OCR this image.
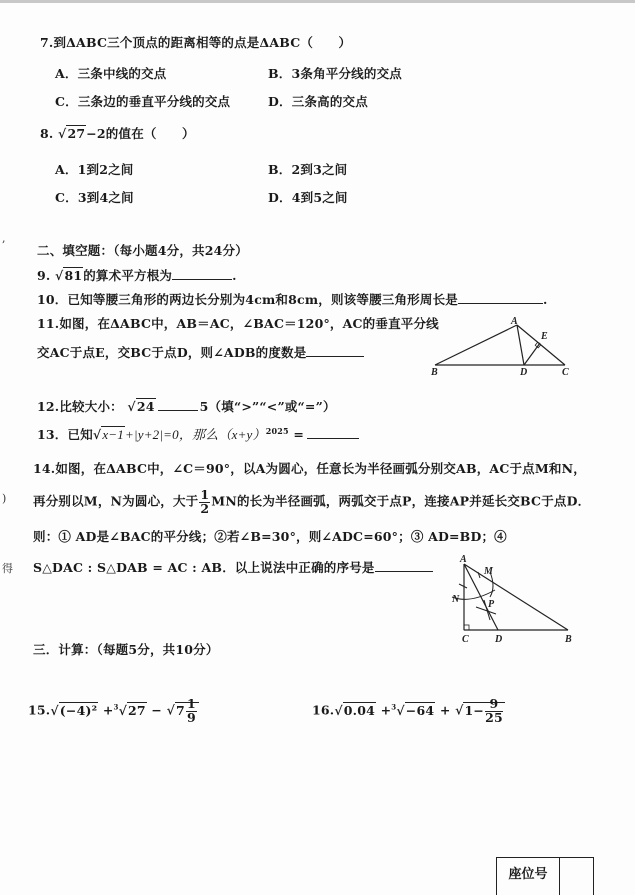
,
)
得
7.到ΔABC三个顶点的距离相等的点是ΔABC（　　）
A．三条中线的交点	B．3条角平分线的交点
C．三条边的垂直平分线的交点	D．三条高的交点
8. √27−2的值在（　　）
A．1到2之间	B．2到3之间
C．3到4之间	D．4到5之间
二、填空题：（每小题4分，共24分）
9. √81的算术平方根为	.
10．已知等腰三角形的两边长分别为4cm和8cm，则该等腰三角形周长是	.
11.如图，在ΔABC中，AB＝AC，∠BAC＝120°，AC的垂直平分线
交AC于点E，交BC于点D，则∠ADB的度数是
A
E
B	D	C
12.比较大小： √24	5（填“>”“<”或“=”）
13．已知√x−1+|y+2|=0，那么$(x+y)^{2025}$ =
14.如图，在ΔABC中，∠C＝90°，以A为圆心，任意长为半径画弧分别交AB，AC于点M和N，
再分别以M，N为圆心，大于 $\frac{1}{2}$ MN的长为半径画弧，两弧交于点P，连接AP并延长交BC于点D．
则：① AD是∠BAC的平分线；②若∠B=30°，则∠ADC=60°；③ AD=BD；④
S△DAC : S△DAB = AC : AB．以上说法中正确的序号是
A
M
N	P
C	D	B
三．计算：（每题5分，共10分）
$15.√(-4)^2 +^3√27 - √7 \frac{1}{9}$	$16.√0.04 +^3√-64 + √1- \frac{9}{25}$
座位号
